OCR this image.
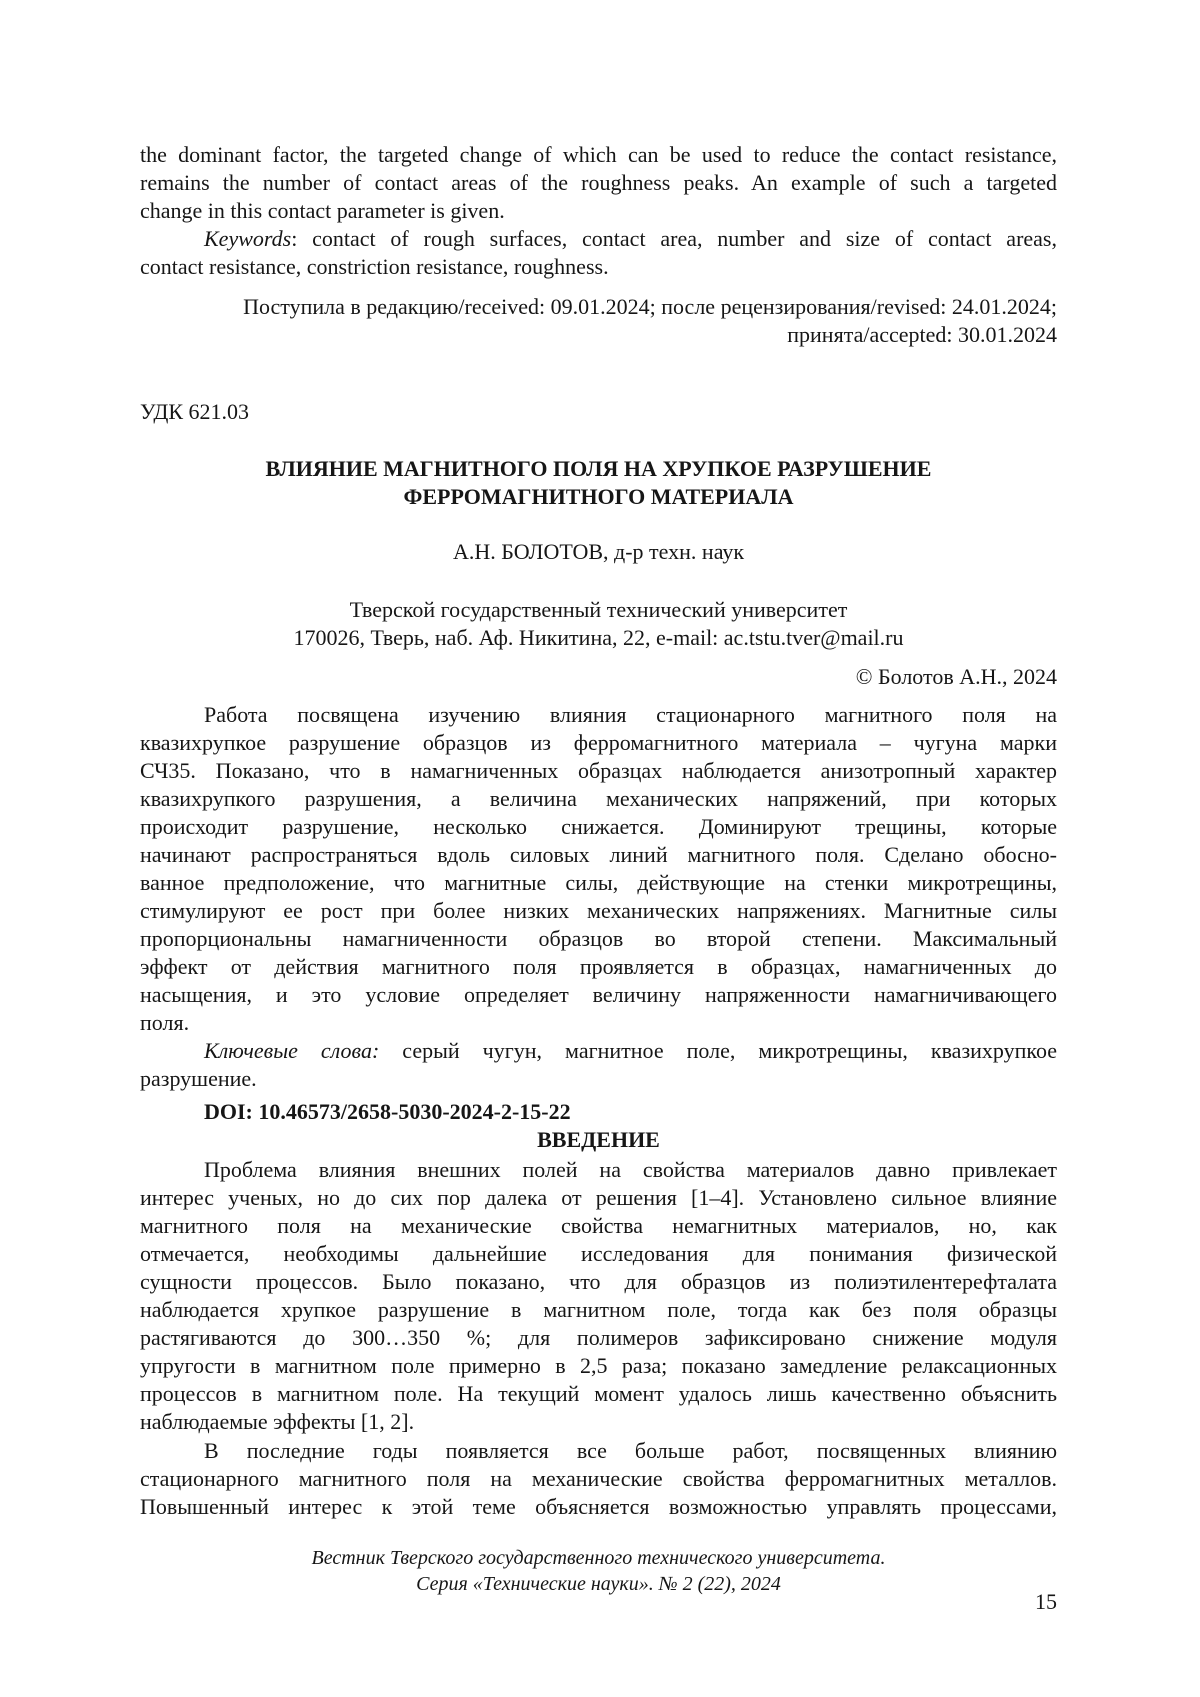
the dominant factor, the targeted change of which can be used to reduce the contact resistance,
remains the number of contact areas of the roughness peaks. An example of such a targeted
change in this contact parameter is given.
Keywords: contact of rough surfaces, contact area, number and size of contact areas,
contact resistance, constriction resistance, roughness.
Поступила в редакцию/received: 09.01.2024; после рецензирования/revised: 24.01.2024;
принята/accepted: 30.01.2024
УДК 621.03
ВЛИЯНИЕ МАГНИТНОГО ПОЛЯ НА ХРУПКОЕ РАЗРУШЕНИЕ
ФЕРРОМАГНИТНОГО МАТЕРИАЛА
А.Н. БОЛОТОВ, д-р техн. наук
Тверской государственный технический университет
170026, Тверь, наб. Аф. Никитина, 22, e-mail: ac.tstu.tver@mail.ru
© Болотов А.Н., 2024
Работа посвящена изучению влияния стационарного магнитного поля на
квазихрупкое разрушение образцов из ферромагнитного материала – чугуна марки
СЧ35. Показано, что в намагниченных образцах наблюдается анизотропный характер
квазихрупкого разрушения, а величина механических напряжений, при которых
происходит разрушение, несколько снижается. Доминируют трещины, которые
начинают распространяться вдоль силовых линий магнитного поля. Сделано обосно-
ванное предположение, что магнитные силы, действующие на стенки микротрещины,
стимулируют ее рост при более низких механических напряжениях. Магнитные силы
пропорциональны намагниченности образцов во второй степени. Максимальный
эффект от действия магнитного поля проявляется в образцах, намагниченных до
насыщения, и это условие определяет величину напряженности намагничивающего
поля.
Ключевые слова: серый чугун, магнитное поле, микротрещины, квазихрупкое
разрушение.
DOI: 10.46573/2658-5030-2024-2-15-22
ВВЕДЕНИЕ
Проблема влияния внешних полей на свойства материалов давно привлекает
интерес ученых, но до сих пор далека от решения [1–4]. Установлено сильное влияние
магнитного поля на механические свойства немагнитных материалов, но, как
отмечается, необходимы дальнейшие исследования для понимания физической
сущности процессов. Было показано, что для образцов из полиэтилентерефталата
наблюдается хрупкое разрушение в магнитном поле, тогда как без поля образцы
растягиваются до 300…350 %; для полимеров зафиксировано снижение модуля
упругости в магнитном поле примерно в 2,5 раза; показано замедление релаксационных
процессов в магнитном поле. На текущий момент удалось лишь качественно объяснить
наблюдаемые эффекты [1, 2].
В последние годы появляется все больше работ, посвященных влиянию
стационарного магнитного поля на механические свойства ферромагнитных металлов.
Повышенный интерес к этой теме объясняется возможностью управлять процессами,
Вестник Тверского государственного технического университета.
Серия «Технические науки». № 2 (22), 2024
15
